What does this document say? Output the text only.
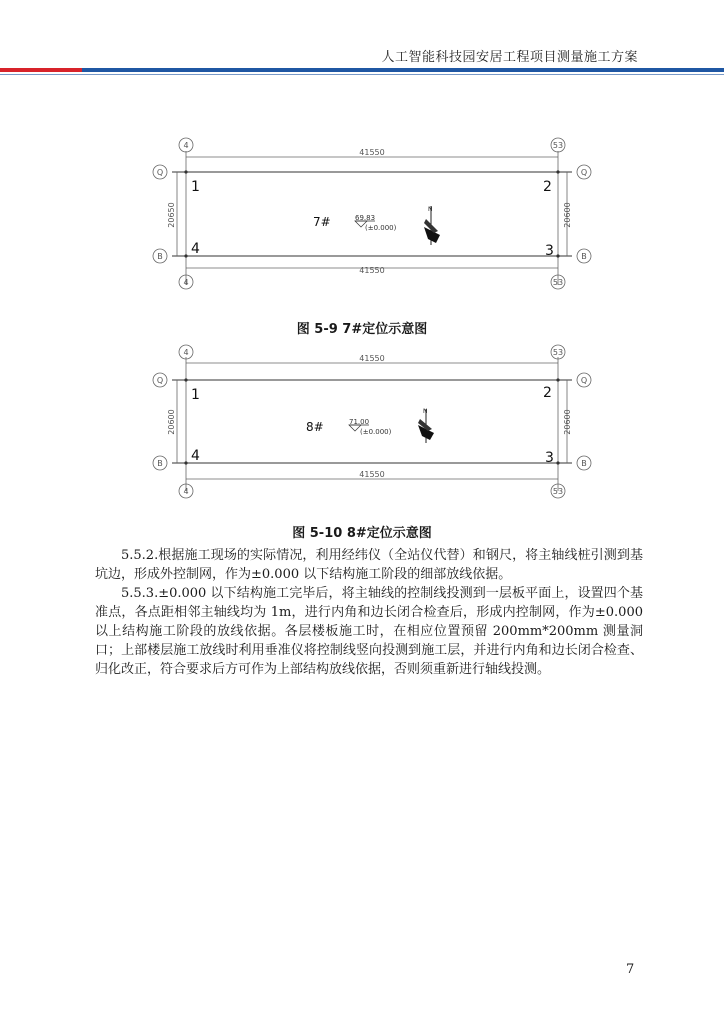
人工智能科技园安居工程项目测量施工方案
4	53
4	53
Q	Q
B	B
41550
41550
20650	20600
1	2
3
4
7#	69.83
(±0.000)
N
图 5-9 7#定位示意图
4	53
4	53
Q	Q
B	B
41550
41550
20600	20600
1	2
3
4
8#	71.00
(±0.000)
N
图 5-10 8#定位示意图

5.5.2.根据施工现场的实际情况，利用经纬仪（全站仪代替）和钢尺，将主轴线桩引测到基坑边，形成外控制网，作为±0.000 以下结构施工阶段的细部放线依据。

5.5.3.±0.000 以下结构施工完毕后，将主轴线的控制线投测到一层板平面上，设置四个基准点，各点距相邻主轴线均为 1m，进行内角和边长闭合检查后，形成内控制网，作为±0.000 以上结构施工阶段的放线依据。各层楼板施工时，在相应位置预留 200mm*200mm 测量洞口；上部楼层施工放线时利用垂准仪将控制线竖向投测到施工层，并进行内角和边长闭合检查、归化改正，符合要求后方可作为上部结构放线依据，否则须重新进行轴线投测。

7
